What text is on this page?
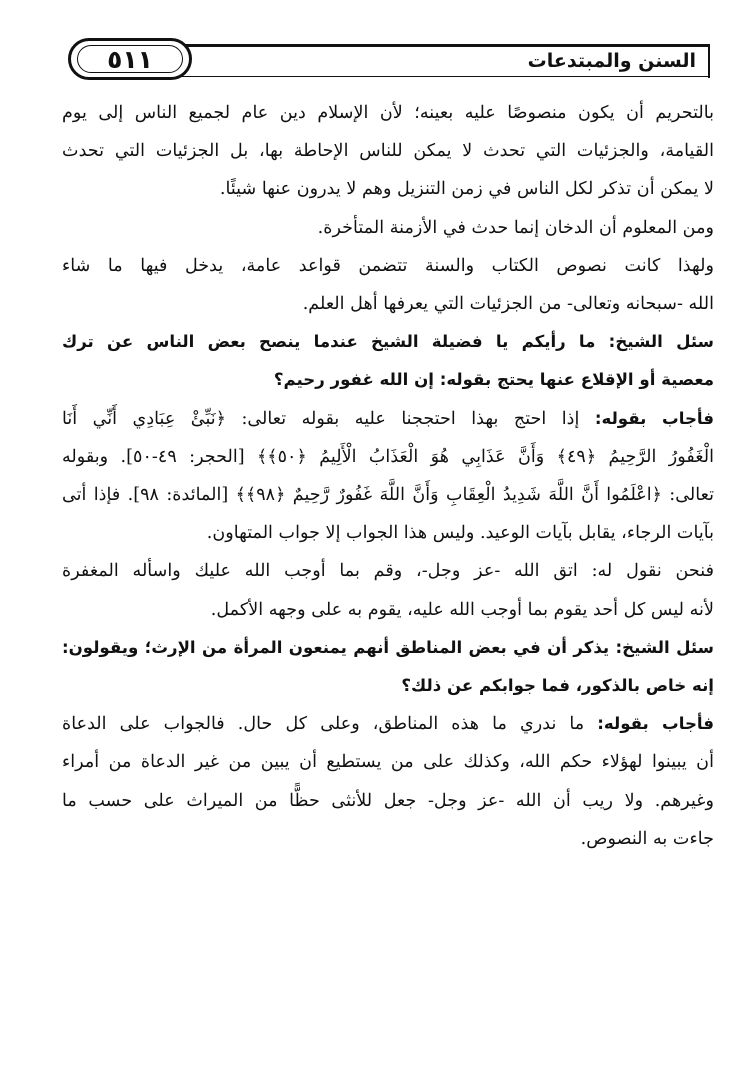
٥١١	السنن والمبتدعات

بالتحريم أن يكون منصوصًا عليه بعينه؛ لأن الإسلام دين عام لجميع الناس إلى يوم
القيامة، والجزئيات التي تحدث لا يمكن للناس الإحاطة بها، بل الجزئيات التي تحدث
لا يمكن أن تذكر لكل الناس في زمن التنزيل وهم لا يدرون عنها شيئًا.

ومن المعلوم أن الدخان إنما حدث في الأزمنة المتأخرة.

ولهذا كانت نصوص الكتاب والسنة تتضمن قواعد عامة، يدخل فيها ما شاء
الله -سبحانه وتعالى- من الجزئيات التي يعرفها أهل العلم.

سئل الشيخ: ما رأيكم يا فضيلة الشيخ عندما ينصح بعض الناس عن ترك
معصية أو الإقلاع عنها يحتج بقوله: إن الله غفور رحيم؟

فأجاب بقوله: إذا احتج بهذا احتججنا عليه بقوله تعالى: ﴿نَبِّئْ عِبَادِي أَنِّي أَنَا
الْغَفُورُ الرَّحِيمُ ﴿٤٩﴾ وَأَنَّ عَذَابِي هُوَ الْعَذَابُ الْأَلِيمُ ﴿٥٠﴾﴾ [الحجر: ٤٩-٥٠]. وبقوله
تعالى: ﴿اعْلَمُوا أَنَّ اللَّهَ شَدِيدُ الْعِقَابِ وَأَنَّ اللَّهَ غَفُورٌ رَّحِيمٌ ﴿٩٨﴾﴾ [المائدة: ٩٨]. فإذا أتى
بآيات الرجاء، يقابل بآيات الوعيد. وليس هذا الجواب إلا جواب المتهاون.

فنحن نقول له: اتق الله -عز وجل-، وقم بما أوجب الله عليك واسأله المغفرة
لأنه ليس كل أحد يقوم بما أوجب الله عليه، يقوم به على وجهه الأكمل.

سئل الشيخ: يذكر أن في بعض المناطق أنهم يمنعون المرأة من الإرث؛ ويقولون:
إنه خاص بالذكور، فما جوابكم عن ذلك؟

فأجاب بقوله: ما ندري ما هذه المناطق، وعلى كل حال. فالجواب على الدعاة
أن يبينوا لهؤلاء حكم الله، وكذلك على من يستطيع أن يبين من غير الدعاة من أمراء
وغيرهم. ولا ريب أن الله -عز وجل- جعل للأنثى حظًّا من الميراث على حسب ما
جاءت به النصوص.
